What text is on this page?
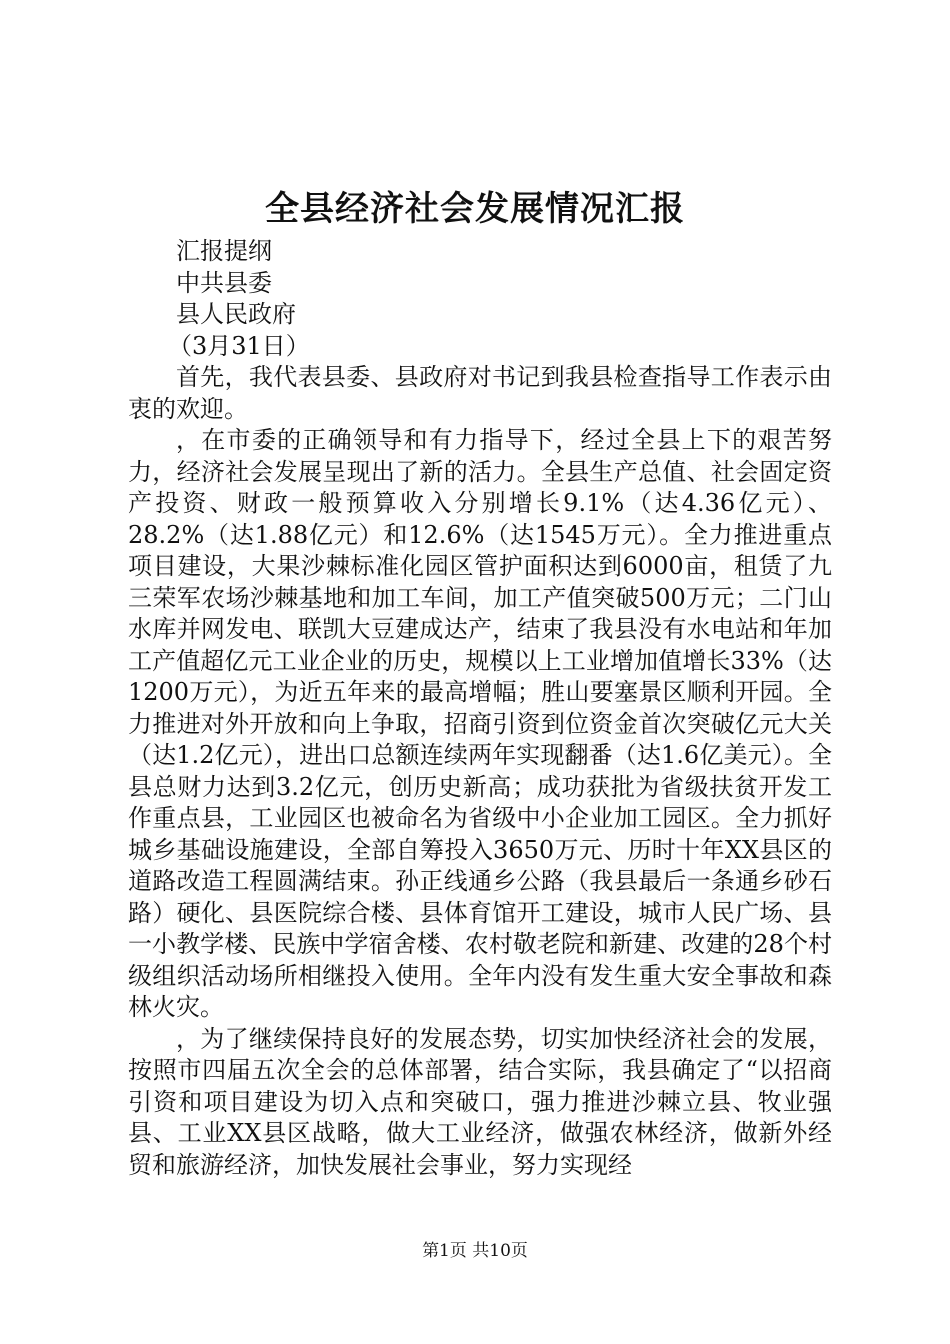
全县经济社会发展情况汇报

汇报提纲

中共县委

县人民政府

（3月31日）

首先，我代表县委、县政府对书记到我县检查指导工作表示由衷的欢迎。

，在市委的正确领导和有力指导下，经过全县上下的艰苦努力，经济社会发展呈现出了新的活力。全县生产总值、社会固定资产投资、财政一般预算收入分别增长9.1%（达4.36亿元）、28.2%（达1.88亿元）和12.6%（达1545万元）。全力推进重点项目建设，大果沙棘标准化园区管护面积达到6000亩，租赁了九三荣军农场沙棘基地和加工车间，加工产值突破500万元；二门山水库并网发电、联凯大豆建成达产，结束了我县没有水电站和年加工产值超亿元工业企业的历史，规模以上工业增加值增长33%（达1200万元），为近五年来的最高增幅；胜山要塞景区顺利开园。全力推进对外开放和向上争取，招商引资到位资金首次突破亿元大关（达1.2亿元），进出口总额连续两年实现翻番（达1.6亿美元）。全县总财力达到3.2亿元，创历史新高；成功获批为省级扶贫开发工作重点县，工业园区也被命名为省级中小企业加工园区。全力抓好城乡基础设施建设，全部自筹投入3650万元、历时十年XX县区的道路改造工程圆满结束。孙正线通乡公路（我县最后一条通乡砂石路）硬化、县医院综合楼、县体育馆开工建设，城市人民广场、县一小教学楼、民族中学宿舍楼、农村敬老院和新建、改建的28个村级组织活动场所相继投入使用。全年内没有发生重大安全事故和森林火灾。

，为了继续保持良好的发展态势，切实加快经济社会的发展，按照市四届五次全会的总体部署，结合实际，我县确定了“以招商引资和项目建设为切入点和突破口，强力推进沙棘立县、牧业强县、工业XX县区战略，做大工业经济，做强农林经济，做新外经贸和旅游经济，加快发展社会事业，努力实现经

第1页 共10页
